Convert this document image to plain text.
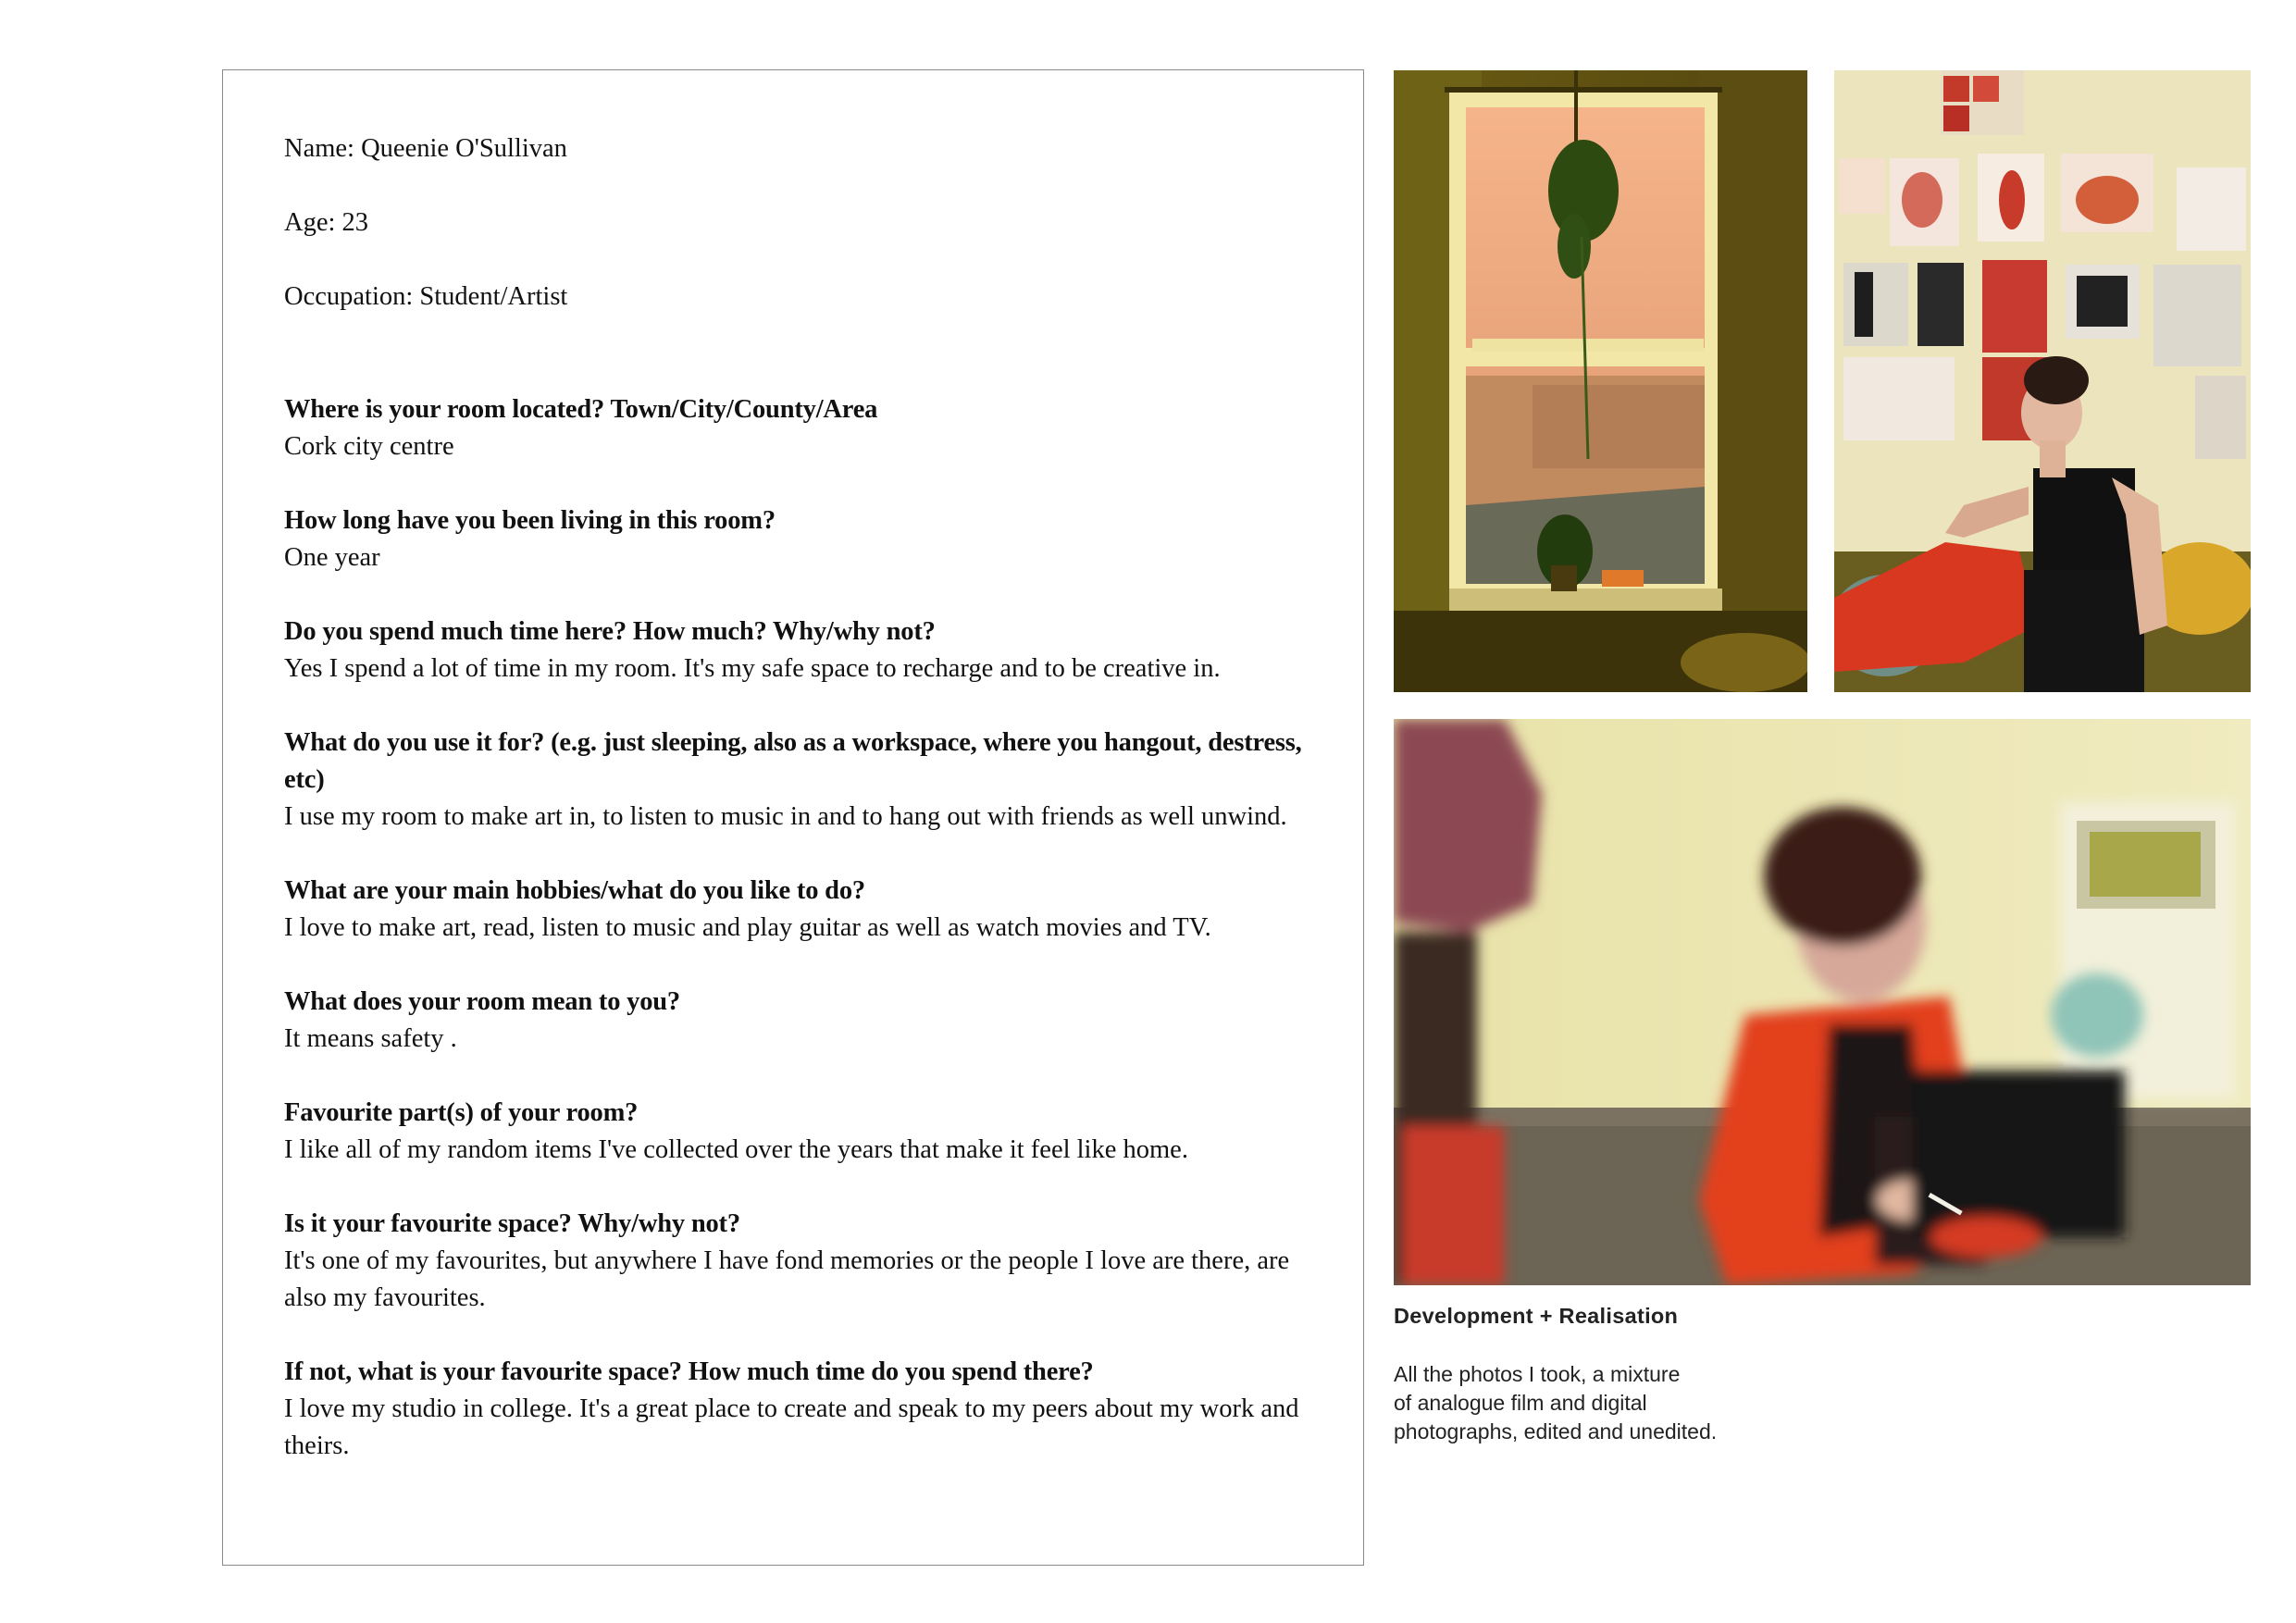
Name: Queenie O'Sullivan
Age: 23
Occupation: Student/Artist
Where is your room located? Town/City/County/Area
Cork city centre
How long have you been living in this room?
One year
Do you spend much time here? How much? Why/why not?
Yes I spend a lot of time in my room. It's my safe space to recharge and to be creative in.
What do you use it for? (e.g. just sleeping, also as a workspace, where you hangout, destress, etc)
I use my room to make art in, to listen to music in and to hang out with friends as well unwind.
What are your main hobbies/what do you like to do?
I love to make art, read, listen to music and play guitar as well as watch movies and TV.
What does your room mean to you?
It means safety .
Favourite part(s) of your room?
I like all of my random items I've collected over the years that make it feel like home.
Is it your favourite space? Why/why not?
It's one of my favourites, but anywhere I have fond memories or the people I love are there, are also my favourites.
If not, what is your favourite space? How much time do you spend there?
I love my studio in college. It's a great place to create and speak to my peers about my work and theirs.
Development + Realisation
All the photos I took, a mixture
of analogue film and digital
photographs, edited and unedited.
